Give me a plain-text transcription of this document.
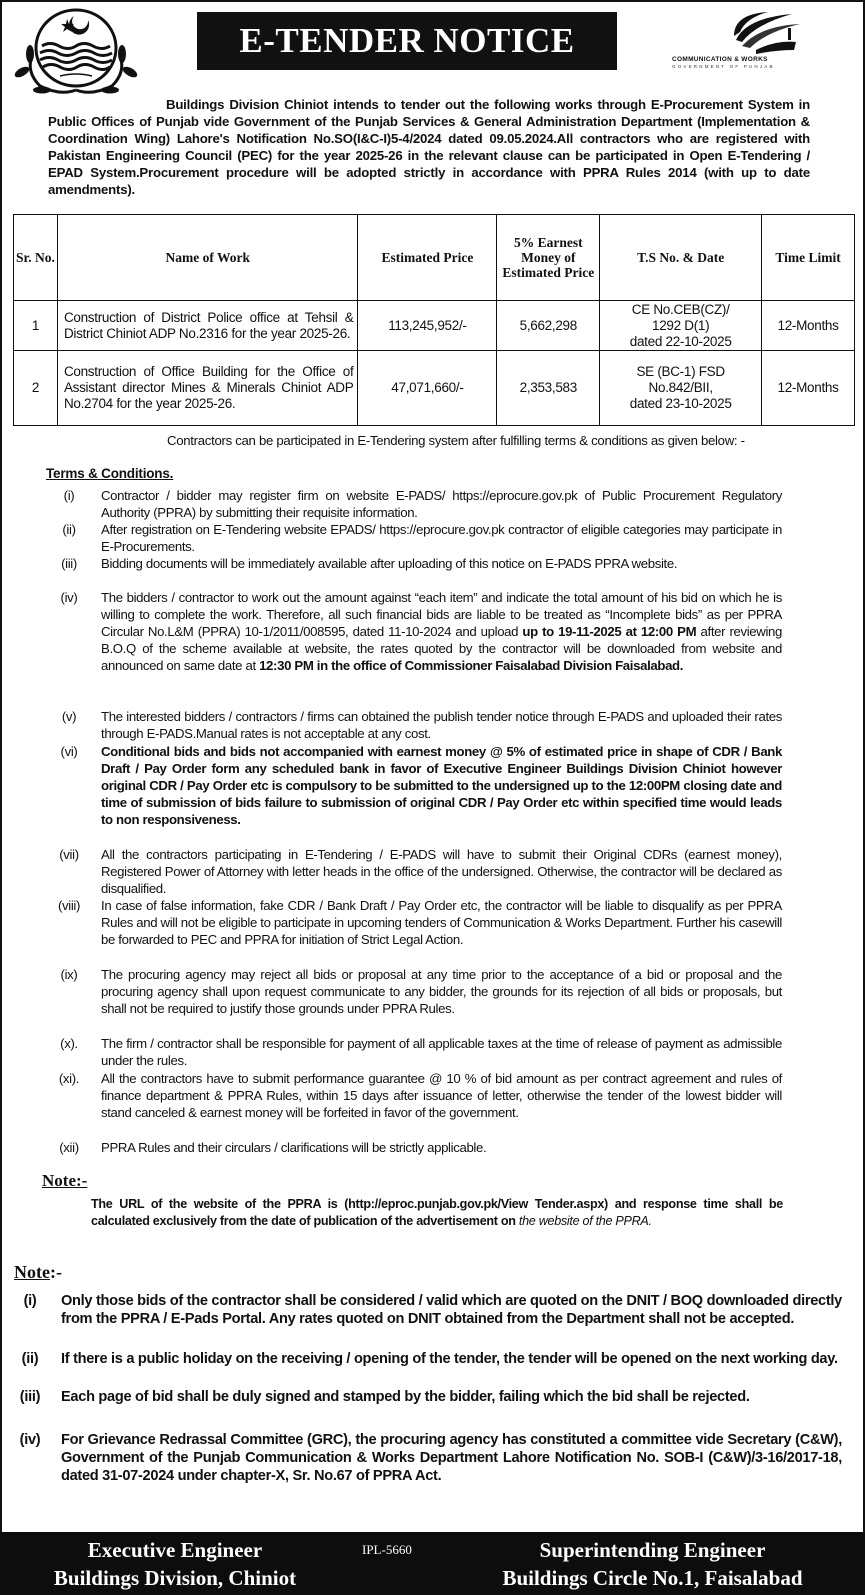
E-TENDER NOTICE	COMMUNICATION & WORKS
GOVERNMENT OF PUNJAB

Buildings Division Chiniot intends to tender out the following works through E-Procurement System in Public Offices of Punjab vide Government of the Punjab Services & General Administration Department (Implementation & Coordination Wing) Lahore's Notification No.SO(I&C-I)5-4/2024 dated 09.05.2024.All contractors who are registered with Pakistan Engineering Council (PEC) for the year 2025-26 in the relevant clause can be participated in Open E-Tendering / EPAD System.Procurement procedure will be adopted strictly in accordance with PPRA Rules 2014 (with up to date amendments).

Sr. No.	Name of Work	Estimated Price	5% Earnest Money of Estimated Price	T.S No. & Date	Time Limit
1	Construction of District Police office at Tehsil & District Chiniot ADP No.2316 for the year 2025-26.	113,245,952/-	5,662,298	CE No.CEB(CZ)/
1292 D(1)
dated 22-10-2025	12-Months
2	Construction of Office Building for the Office of Assistant director Mines & Minerals Chiniot ADP No.2704 for the year 2025-26.	47,071,660/-	2,353,583	SE (BC-1) FSD
No.842/BII,
dated 23-10-2025	12-Months

Contractors can be participated in E-Tendering system after fulfilling terms & conditions as given below: -

Terms & Conditions.
(i)	Contractor / bidder may register firm on website E-PADS/ https://eprocure.gov.pk of Public Procurement Regulatory Authority (PPRA) by submitting their requisite information.
(ii)	After registration on E-Tendering website EPADS/ https://eprocure.gov.pk contractor of eligible categories may participate in E-Procurements.
(iii)	Bidding documents will be immediately available after uploading of this notice on E-PADS PPRA website.
(iv)	The bidders / contractor to work out the amount against “each item” and indicate the total amount of his bid on which he is willing to complete the work. Therefore, all such financial bids are liable to be treated as “Incomplete bids” as per PPRA Circular No.L&M (PPRA) 10-1/2011/008595, dated 11-10-2024 and upload up to 19-11-2025 at 12:00 PM after reviewing B.O.Q of the scheme available at website, the rates quoted by the contractor will be downloaded from website and announced on same date at 12:30 PM in the office of Commissioner Faisalabad Division Faisalabad.
(v)	The interested bidders / contractors / firms can obtained the publish tender notice through E-PADS and uploaded their rates through E-PADS.Manual rates is not acceptable at any cost.
(vi)	Conditional bids and bids not accompanied with earnest money @ 5% of estimated price in shape of CDR / Bank Draft / Pay Order form any scheduled bank in favor of Executive Engineer Buildings Division Chiniot however original CDR / Pay Order etc is compulsory to be submitted to the undersigned up to the 12:00PM closing date and time of submission of bids failure to submission of original CDR / Pay Order etc within specified time would leads to non responsiveness.
(vii)	All the contractors participating in E-Tendering / E-PADS will have to submit their Original CDRs (earnest money), Registered Power of Attorney with letter heads in the office of the undersigned. Otherwise, the contractor will be declared as disqualified.
(viii)	In case of false information, fake CDR / Bank Draft / Pay Order etc, the contractor will be liable to disqualify as per PPRA Rules and will not be eligible to participate in upcoming tenders of Communication & Works Department. Further his casewill be forwarded to PEC and PPRA for initiation of Strict Legal Action.
(ix)	The procuring agency may reject all bids or proposal at any time prior to the acceptance of a bid or proposal and the procuring agency shall upon request communicate to any bidder, the grounds for its rejection of all bids or proposals, but shall not be required to justify those grounds under PPRA Rules.
(x).	The firm / contractor shall be responsible for payment of all applicable taxes at the time of release of payment as admissible under the rules.
(xi).	All the contractors have to submit performance guarantee @ 10 % of bid amount as per contract agreement and rules of finance department & PPRA Rules, within 15 days after issuance of letter, otherwise the tender of the lowest bidder will stand canceled & earnest money will be forfeited in favor of the government.
(xii)	PPRA Rules and their circulars / clarifications will be strictly applicable.
Note:-

The URL of the website of the PPRA is (http://eproc.punjab.gov.pk/View Tender.aspx) and response time shall be calculated exclusively from the date of publication of the advertisement on the website of the PPRA.

Note:-
(i)	Only those bids of the contractor shall be considered / valid which are quoted on the DNIT / BOQ downloaded directly from the PPRA / E-Pads Portal. Any rates quoted on DNIT obtained from the Department shall not be accepted.
(ii)	If there is a public holiday on the receiving / opening of the tender, the tender will be opened on the next working day.
(iii)	Each page of bid shall be duly signed and stamped by the bidder, failing which the bid shall be rejected.
(iv)	For Grievance Redrassal Committee (GRC), the procuring agency has constituted a committee vide Secretary (C&W), Government of the Punjab Communication & Works Department Lahore Notification No. SOB-I (C&W)/3-16/2017-18, dated 31-07-2024 under chapter-X, Sr. No.67 of PPRA Act.
Executive Engineer
Buildings Division, Chiniot
IPL-5660	Superintending Engineer
Buildings Circle No.1, Faisalabad
